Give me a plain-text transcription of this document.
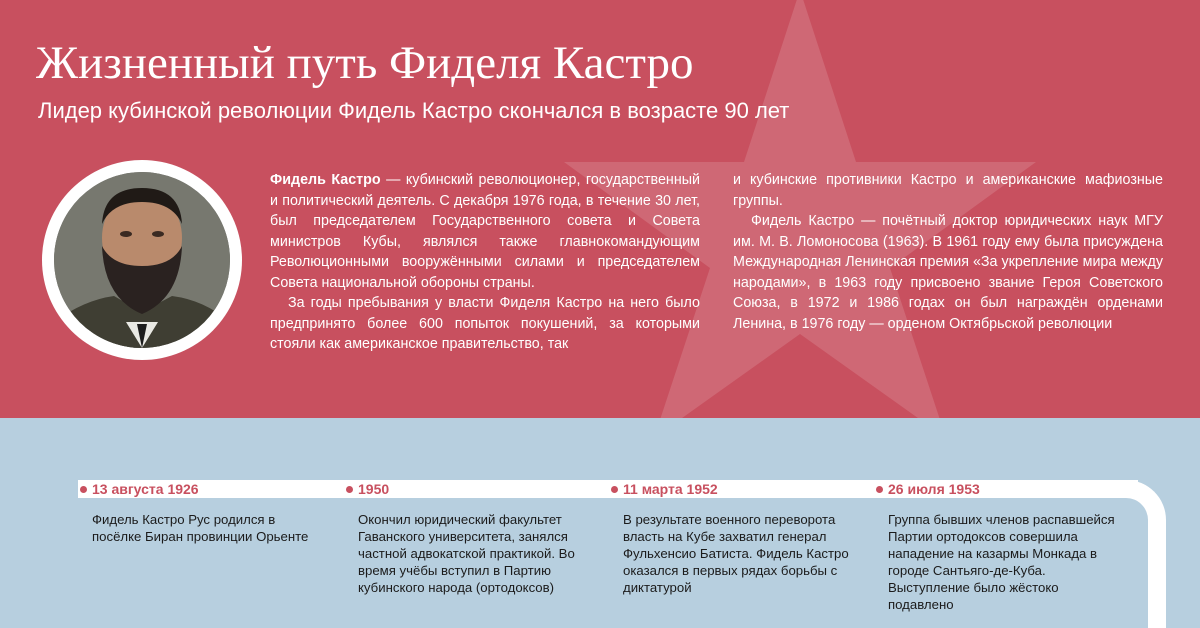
Жизненный путь Фиделя Кастро
Лидер кубинской революции Фидель Кастро скончался в возрасте 90 лет

Фидель Кастро — кубинский революционер, государственный и политический деятель. С декабря 1976 года, в течение 30 лет, был председателем Государственного совета и Совета министров Кубы, являлся также главнокомандующим Революционными вооружёнными силами и председателем Совета национальной обороны страны.

За годы пребывания у власти Фиделя Кастро на него было предпринято более 600 попыток покушений, за которыми стояли как американское правительство, так

и кубинские противники Кастро и американские мафиозные группы.

Фидель Кастро — почётный доктор юридических наук МГУ им. М. В. Ломоносова (1963). В 1961 году ему была присуждена Международная Ленинская премия «За укрепление мира между народами», в 1963 году присвоено звание Героя Советского Союза, в 1972 и 1986 годах он был награждён орденами Ленина, в 1976 году — орденом Октябрьской революции

13 августа 1926
Фидель Кастро Рус родился в посёлке Биран провинции Орьенте
1950
Окончил юридический факультет Гаванского университета, занялся частной адвокатской практикой. Во время учёбы вступил в Партию кубинского народа (ортодоксов)
11 марта 1952
В результате военного переворота власть на Кубе захватил генерал Фульхенсио Батиста. Фидель Кастро оказался в первых рядах борьбы с диктатурой
26 июля 1953
Группа бывших членов распавшейся Партии ортодоксов совершила нападение на казармы Монкада в городе Сантьяго-де-Куба. Выступление было жёстоко подавлено
